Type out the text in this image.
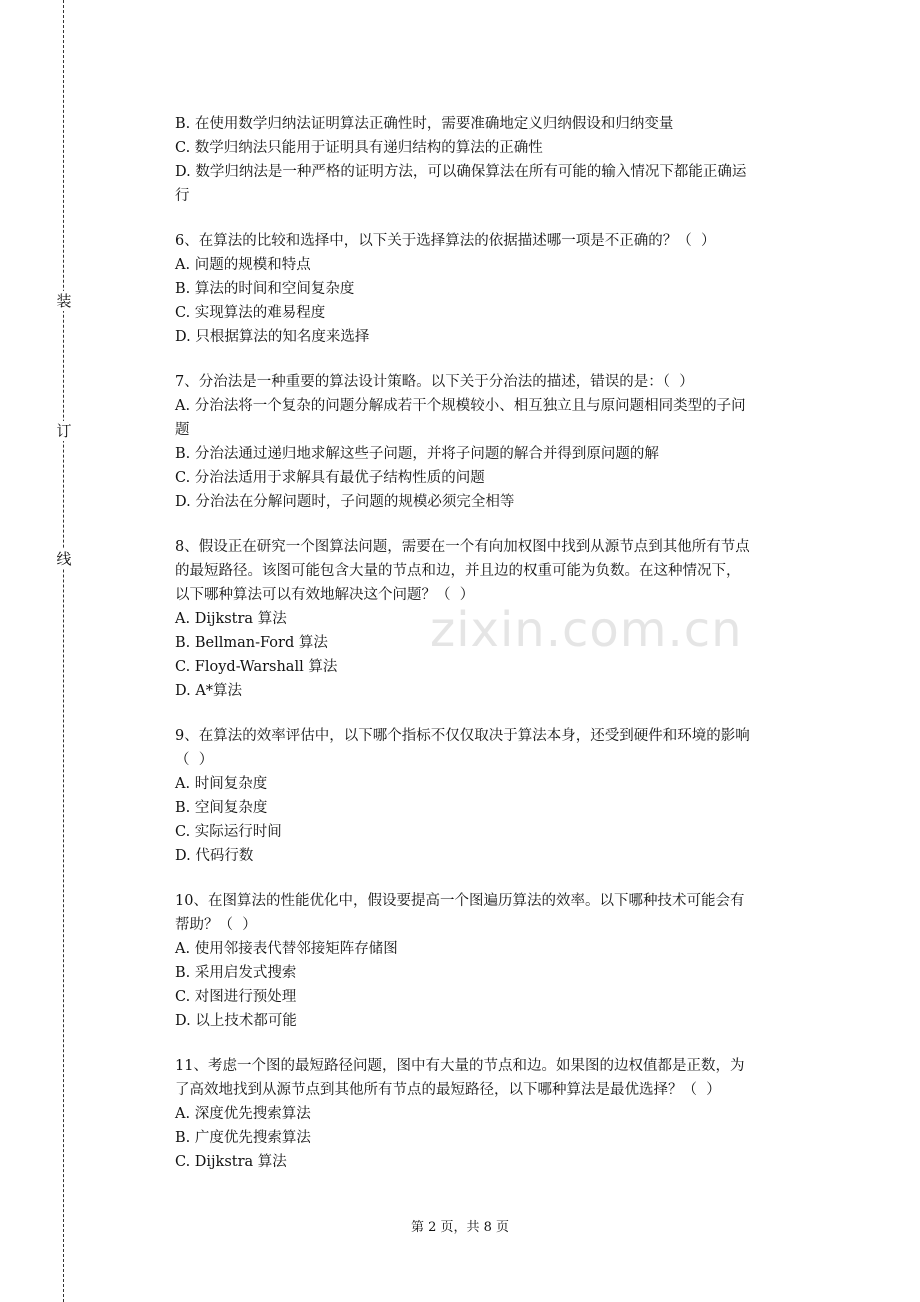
装
订
线
zixin.com.cn
B. 在使用数学归纳法证明算法正确性时，需要准确地定义归纳假设和归纳变量
C. 数学归纳法只能用于证明具有递归结构的算法的正确性
D. 数学归纳法是一种严格的证明方法，可以确保算法在所有可能的输入情况下都能正确运
行
6、在算法的比较和选择中，以下关于选择算法的依据描述哪一项是不正确的？（  ）
A. 问题的规模和特点
B. 算法的时间和空间复杂度
C. 实现算法的难易程度
D. 只根据算法的知名度来选择
7、分治法是一种重要的算法设计策略。以下关于分治法的描述，错误的是：（  ）
A. 分治法将一个复杂的问题分解成若干个规模较小、相互独立且与原问题相同类型的子问
题
B. 分治法通过递归地求解这些子问题，并将子问题的解合并得到原问题的解
C. 分治法适用于求解具有最优子结构性质的问题
D. 分治法在分解问题时，子问题的规模必须完全相等
8、假设正在研究一个图算法问题，需要在一个有向加权图中找到从源节点到其他所有节点
的最短路径。该图可能包含大量的节点和边，并且边的权重可能为负数。在这种情况下，
以下哪种算法可以有效地解决这个问题？（  ）
A. Dijkstra 算法
B. Bellman-Ford 算法
C. Floyd-Warshall 算法
D. A*算法
9、在算法的效率评估中，以下哪个指标不仅仅取决于算法本身，还受到硬件和环境的影响
（  ）
A. 时间复杂度
B. 空间复杂度
C. 实际运行时间
D. 代码行数
10、在图算法的性能优化中，假设要提高一个图遍历算法的效率。以下哪种技术可能会有
帮助？（  ）
A. 使用邻接表代替邻接矩阵存储图
B. 采用启发式搜索
C. 对图进行预处理
D. 以上技术都可能
11、考虑一个图的最短路径问题，图中有大量的节点和边。如果图的边权值都是正数，为
了高效地找到从源节点到其他所有节点的最短路径，以下哪种算法是最优选择？（  ）
A. 深度优先搜索算法
B. 广度优先搜索算法
C. Dijkstra 算法
第 2 页，共 8 页
